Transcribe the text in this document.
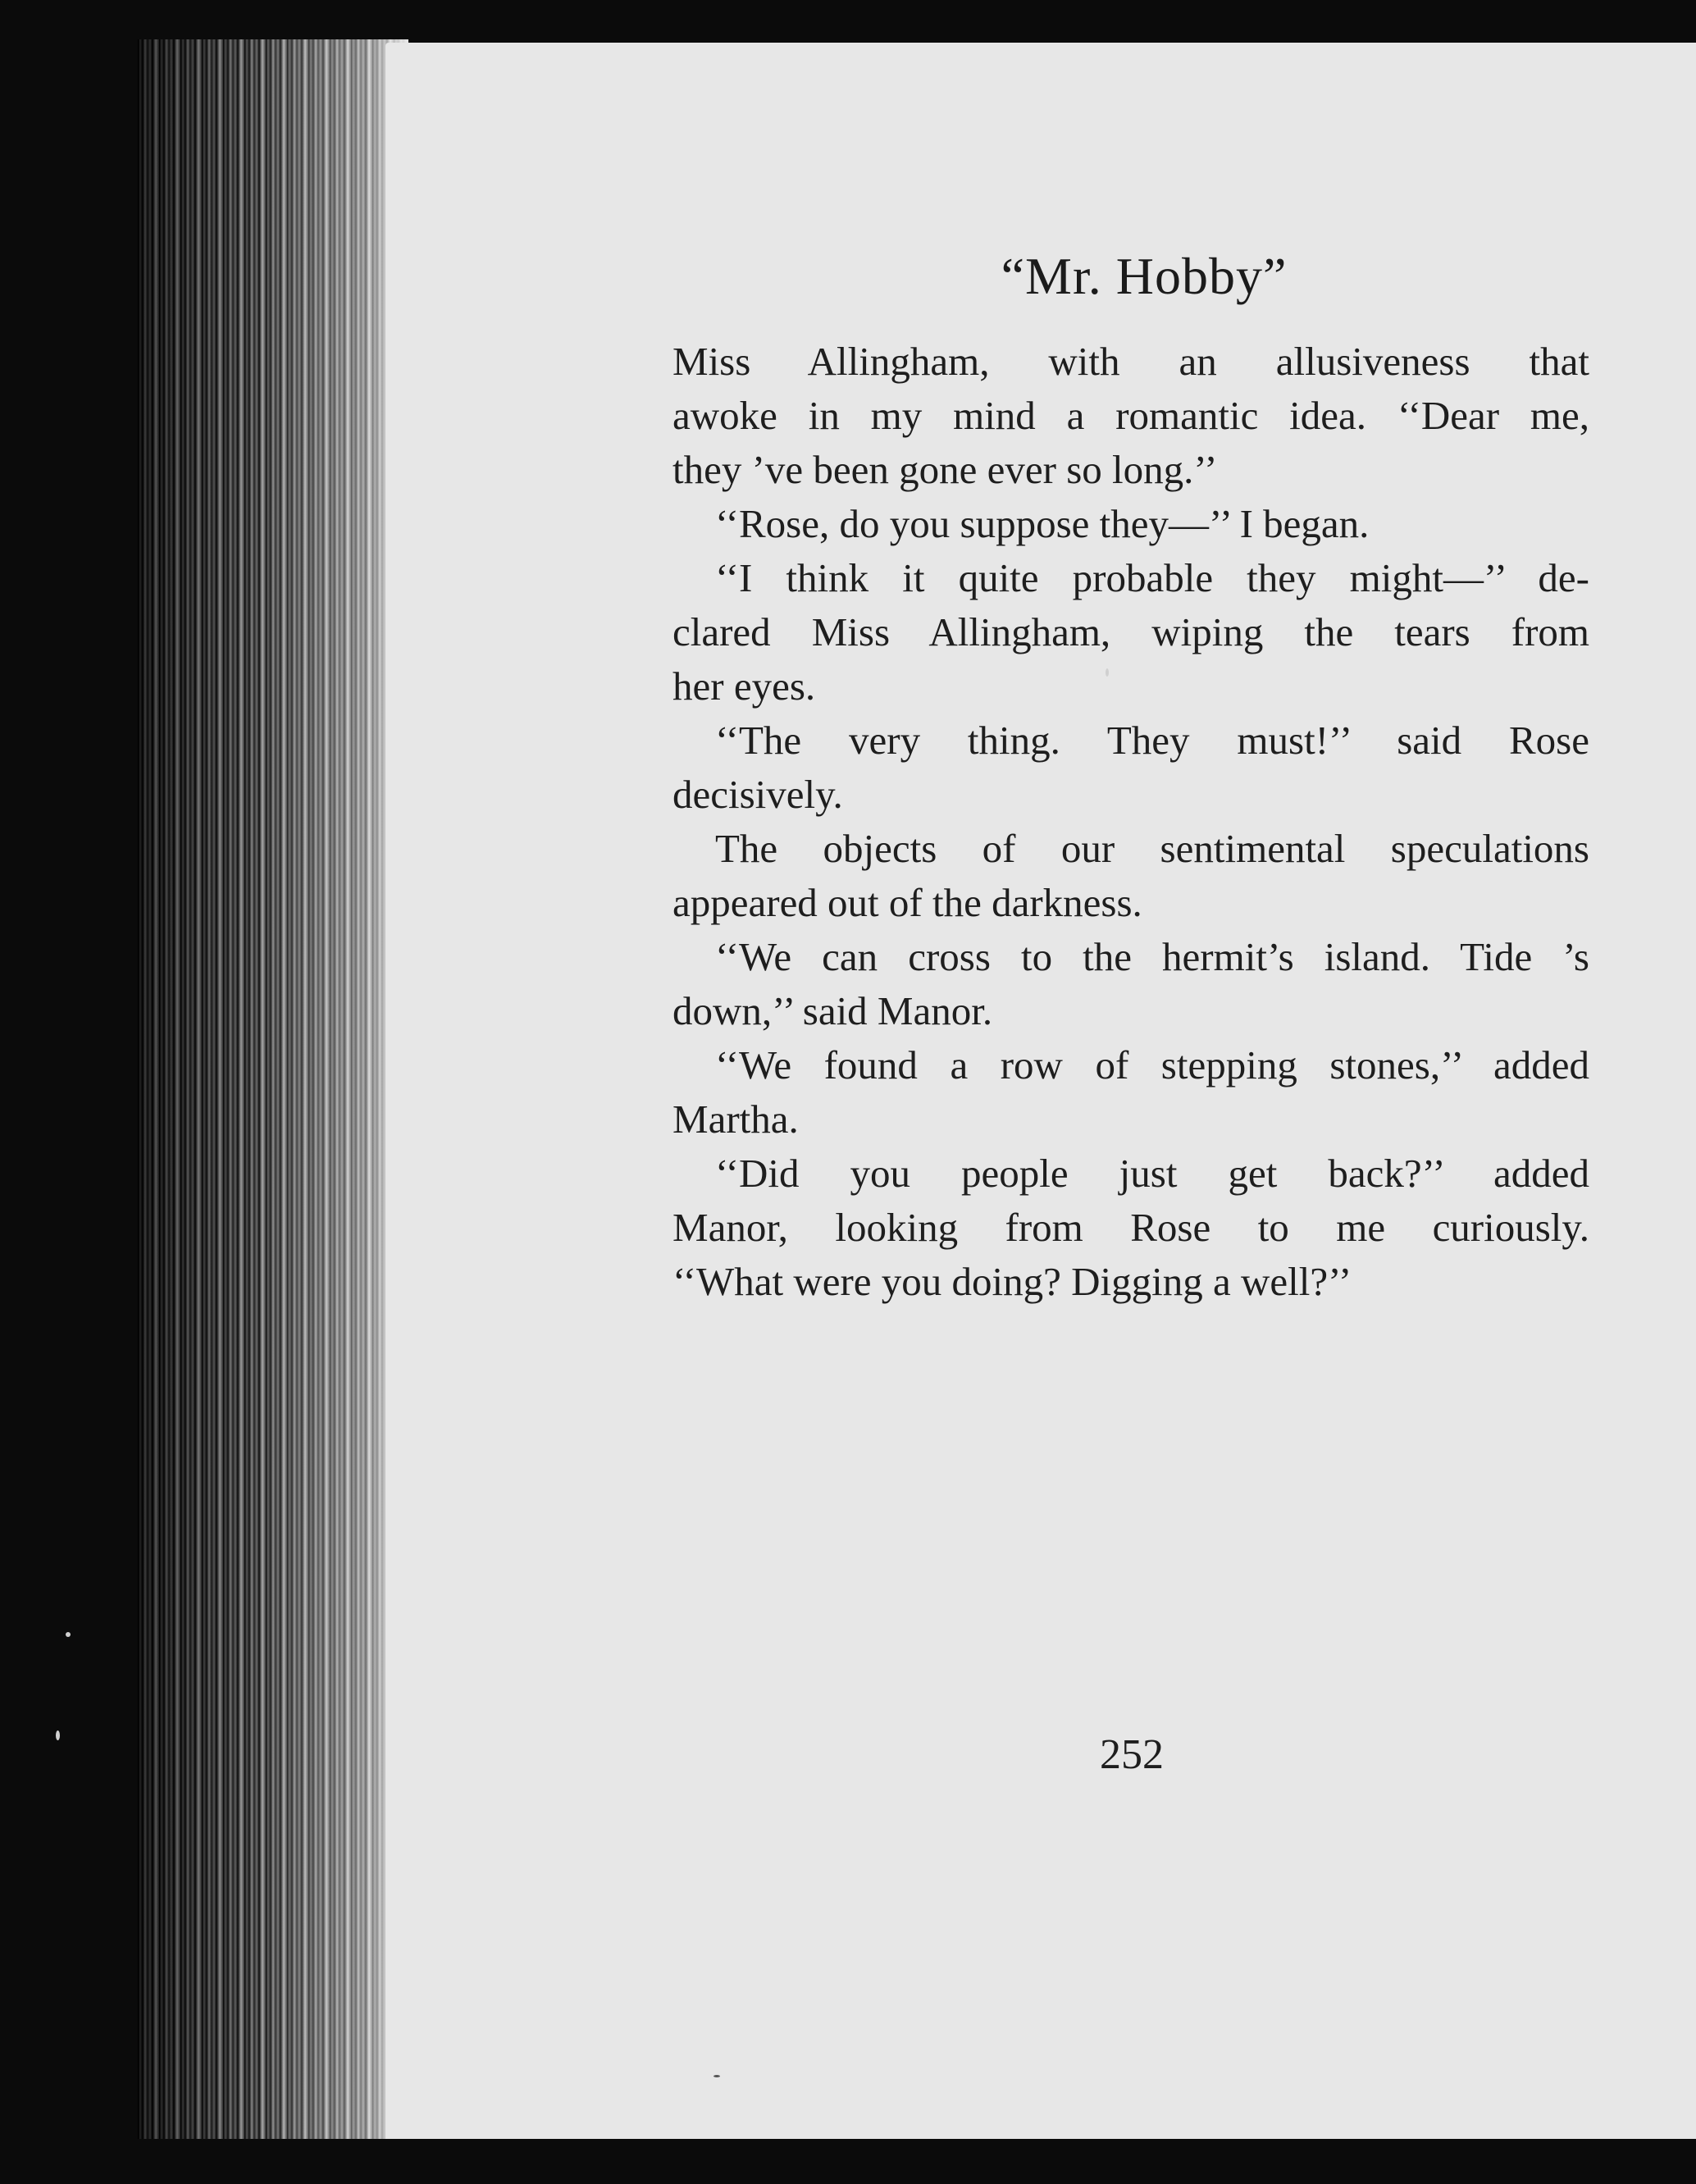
“Mr. Hobby”
Miss Allingham, with an allusiveness that
awoke in my mind a romantic idea. ‘‘Dear me,
they ’ve been gone ever so long.’’
‘‘Rose, do you suppose they—’’ I began.
‘‘I think it quite probable they might—’’ de-
clared Miss Allingham, wiping the tears from
her eyes.
‘‘The very thing. They must!’’ said Rose
decisively.
The objects of our sentimental speculations
appeared out of the darkness.
‘‘We can cross to the hermit’s island. Tide ’s
down,’’ said Manor.
‘‘We found a row of stepping stones,’’ added
Martha.
‘‘Did you people just get back?’’ added
Manor, looking from Rose to me curiously.
‘‘What were you doing? Digging a well?’’
252
